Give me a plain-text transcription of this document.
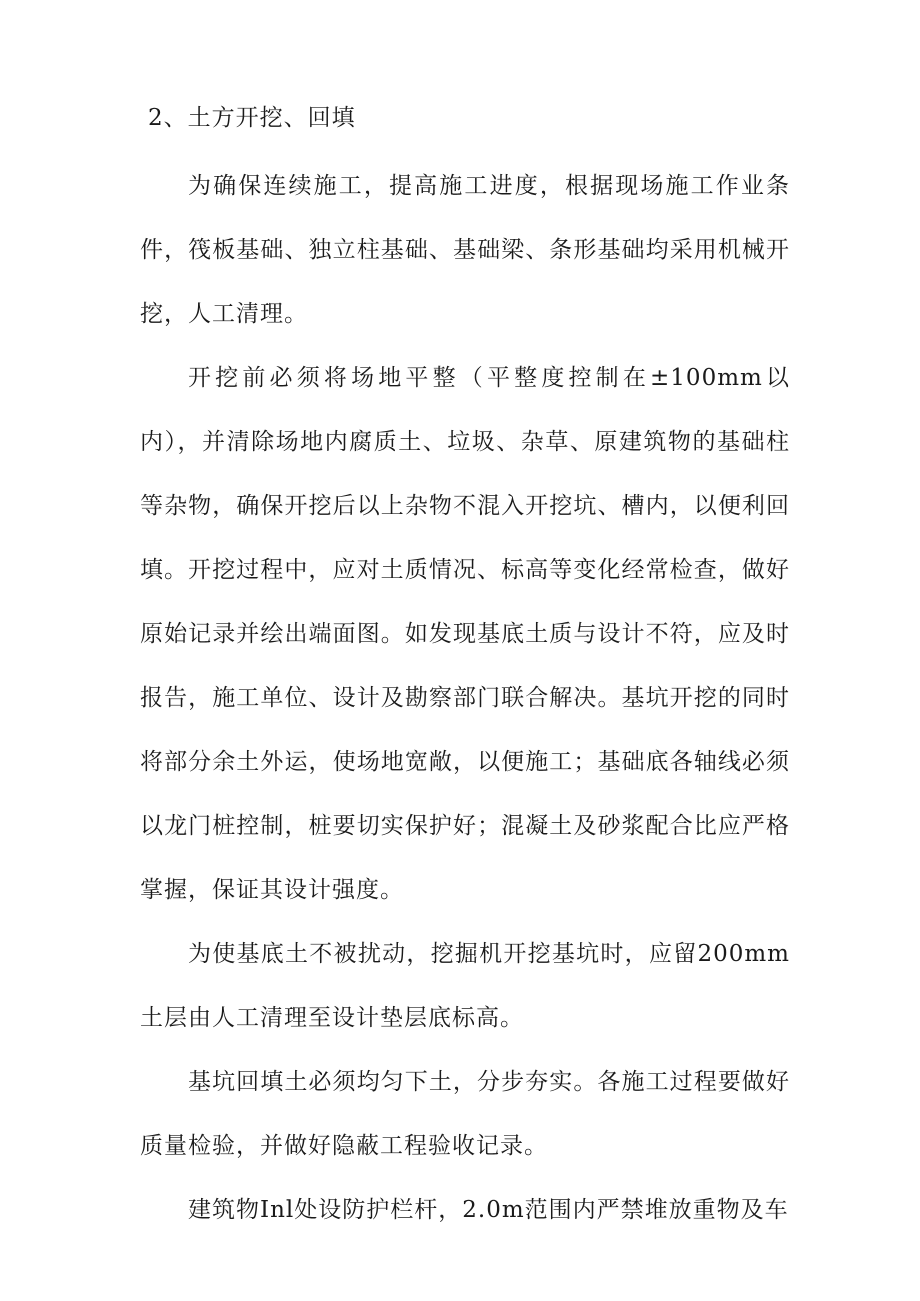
2、土方开挖、回填

为确保连续施工，提高施工进度，根据现场施工作业条件，筏板基础、独立柱基础、基础梁、条形基础均采用机械开挖，人工清理。

开挖前必须将场地平整（平整度控制在±100mm以内），并清除场地内腐质土、垃圾、杂草、原建筑物的基础柱等杂物，确保开挖后以上杂物不混入开挖坑、槽内，以便利回填。 开挖过程中，应对土质情况、标高等变化经常检查，做好原始记录并绘出端面图。如发现基底土质与设计不符，应及时报告，施工单位、设计及勘察部门联合解决。基坑开挖的同时将部分余土外运，使场地宽敞，以便施工；基础底各轴线必须以龙门桩控制，桩要切实保护好；混凝土及砂浆配合比应严格掌握，保证其设计强度。

为使基底土不被扰动，挖掘机开挖基坑时，应留200mm土层由人工清理至设计垫层底标高。

基坑回填土必须均匀下土，分步夯实。各施工过程要做好质量检验，并做好隐蔽工程验收记录。

建筑物Inl处设防护栏杆，2.0m范围内严禁堆放重物及车
